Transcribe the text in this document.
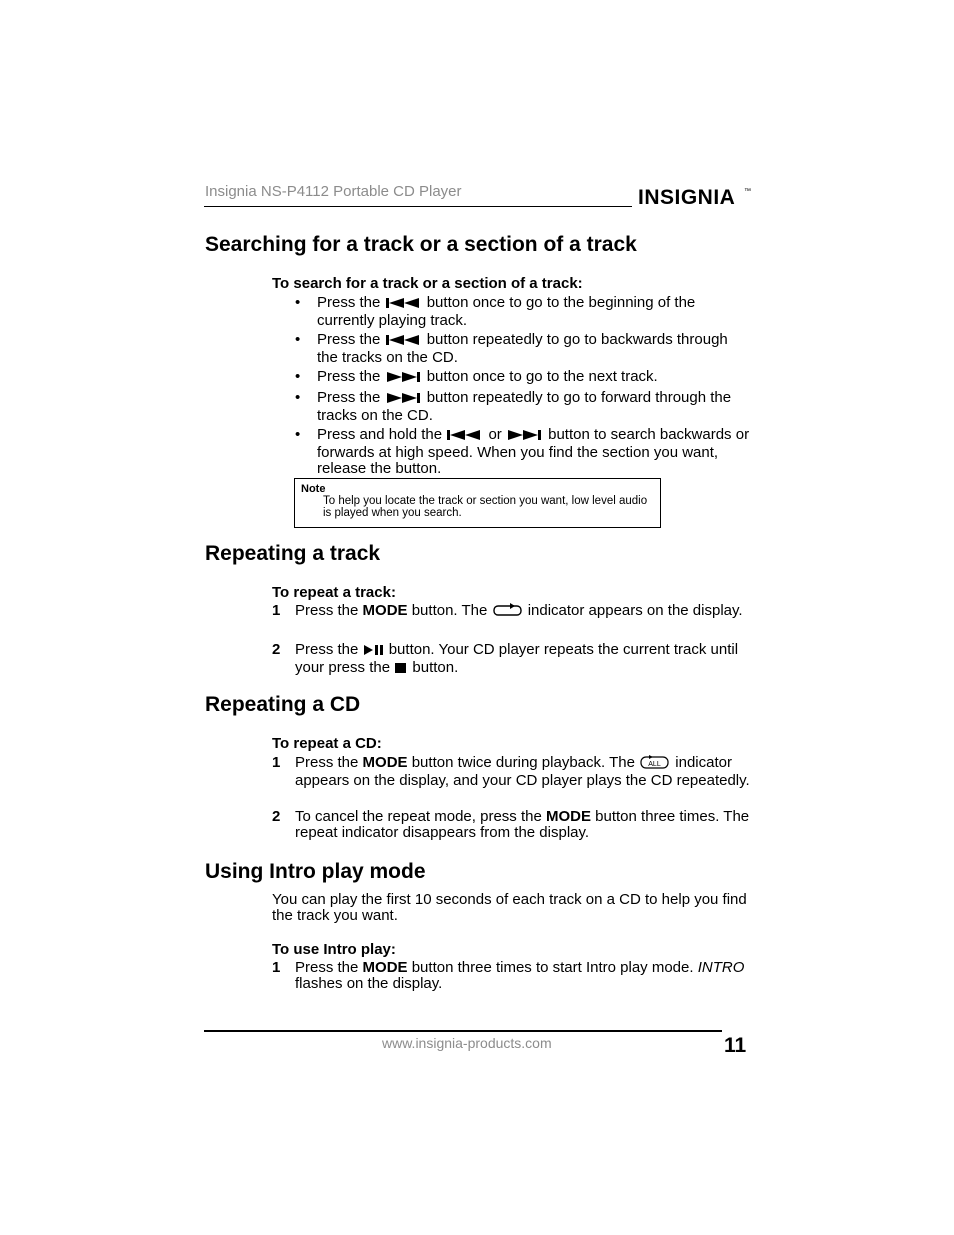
Insignia NS-P4112 Portable CD Player	INSIGNIA ™
Searching for a track or a section of a track
To search for a track or a section of a track:
• Press the	button once to go to the beginning of the currently playing track.
• Press the	button repeatedly to go to backwards through the tracks on the CD.
• Press the	button once to go to the next track.
• Press the	button repeatedly to go to forward through the tracks on the CD.
• Press and hold the	or	button to search backwards or forwards at high speed. When you find the section you want, release the button.
Note
To help you locate the track or section you want, low level audio is played when you search.
Repeating a track
To repeat a track:
1 Press the MODE button. The	indicator appears on the display.
2 Press the button. Your CD player repeats the current track until your press the button.
Repeating a CD
To repeat a CD:
1 Press the MODE button twice during playback. The ALL indicator appears on the display, and your CD player plays the CD repeatedly.
2 To cancel the repeat mode, press the MODE button three times. The repeat indicator disappears from the display.
Using Intro play mode
You can play the first 10 seconds of each track on a CD to help you find the track you want.
To use Intro play:
1 Press the MODE button three times to start Intro play mode. INTRO flashes on the display.
www.insignia-products.com	11
